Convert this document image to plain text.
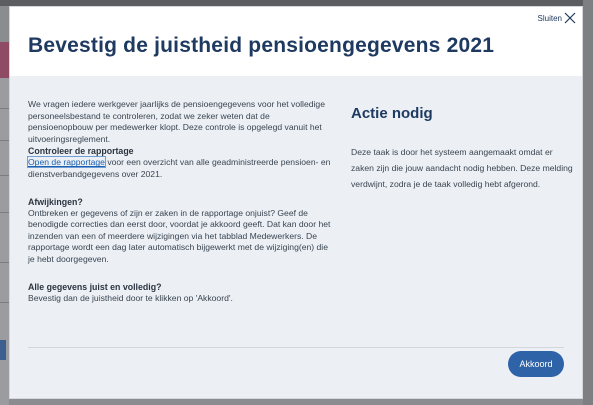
Bevestig de juistheid pensioengegevens 2021
Sluiten

We vragen iedere werkgever jaarlijks de pensioengegevens voor het volledige personeelsbestand te controleren, zodat we zeker weten dat de pensioenopbouw per medewerker klopt. Deze controle is opgelegd vanuit het uitvoeringsreglement.

Controleer de rapportage

Open de rapportage voor een overzicht van alle geadministreerde pensioen- en dienstverbandgegevens over 2021.

Afwijkingen?

Ontbreken er gegevens of zijn er zaken in de rapportage onjuist? Geef de benodigde correcties dan eerst door, voordat je akkoord geeft. Dat kan door het inzenden van een of meerdere wijzigingen via het tabblad Medewerkers. De rapportage wordt een dag later automatisch bijgewerkt met de wijziging(en) die je hebt doorgegeven.

Alle gegevens juist en volledig?

Bevestig dan de juistheid door te klikken op 'Akkoord'.

Actie nodig

Deze taak is door het systeem aangemaakt omdat er zaken zijn die jouw aandacht nodig hebben. Deze melding verdwijnt, zodra je de taak volledig hebt afgerond.

Akkoord
